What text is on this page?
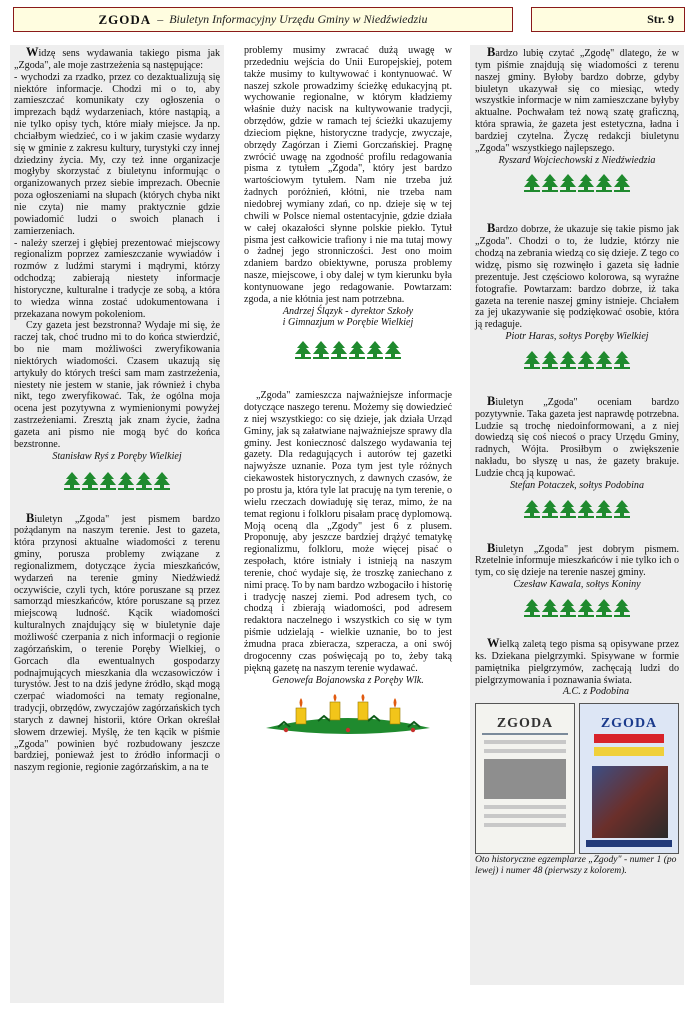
ZGODA – Biuletyn Informacyjny Urzędu Gminy w Niedźwiedziu	Str. 9

Widzę sens wydawania takiego pisma jak „Zgoda", ale moje zastrzeżenia są następujące:

- wychodzi za rzadko, przez co dezaktualizują się niektóre informacje. Chodzi mi o to, aby zamieszczać komunikaty czy ogłoszenia o imprezach bądź wydarzeniach, które nastąpią, a nie tylko opisy tych, które miały miejsce. Ja np. chciałbym wiedzieć, co i w jakim czasie wydarzy się w gminie z zakresu kultury, turystyki czy innej dziedziny życia. My, czy też inne organizacje mogłyby skorzystać z biuletynu informując o organizowanych przez siebie imprezach. Obecnie poza ogłoszeniami na słupach (których chyba nikt nie czyta) nie mamy praktycznie gdzie powiadomić ludzi o swoich planach i zamierzeniach.

- należy szerzej i głębiej prezentować miejscowy regionalizm poprzez zamieszczanie wywiadów i rozmów z ludźmi starymi i mądrymi, którzy odchodzą; zabierają niestety informacje historyczne, kulturalne i tradycje ze sobą, a która to wiedza winna zostać udokumentowana i przekazana nowym pokoleniom.

Czy gazeta jest bezstronna? Wydaje mi się, że raczej tak, choć trudno mi to do końca stwierdzić, bo nie mam możliwości zweryfikowania niektórych wiadomości. Czasem ukazują się artykuły do których treści sam mam zastrzeżenia, niestety nie jestem w stanie, jak również i chyba nikt, tego zweryfikować. Tak, że ogólna moja ocena jest pozytywna z wymienionymi powyżej zastrzeżeniami. Zresztą jak znam życie, żadna gazeta ani pismo nie mogą być do końca bezstronne.

Stanisław Ryś z Poręby Wielkiej

Biuletyn „Zgoda" jest pismem bardzo pożądanym na naszym terenie. Jest to gazeta, która przynosi aktualne wiadomości z terenu gminy, porusza problemy związane z regionalizmem, dotyczące życia mieszkańców, wydarzeń na terenie gminy Niedźwiedź oczywiście, czyli tych, które poruszane są przez samorząd mieszkańców, które poruszane są przez miejscową ludność. Kącik wiadomości kulturalnych znajdujący się w biuletynie daje możliwość czerpania z nich informacji o regionie zagórzańskim, o terenie Poręby Wielkiej, o Gorcach dla ewentualnych gospodarzy podnajmujących mieszkania dla wczasowiczów i turystów. Jest to na dziś jedyne źródło, skąd mogą czerpać wiadomości na tematy regionalne, tradycji, obrzędów, zwyczajów zagórzańskich tych starych z dawnej historii, które Orkan określał słowem drzewiej. Myślę, że ten kącik w piśmie „Zgoda" powinien być rozbudowany jeszcze bardziej, ponieważ jest to źródło informacji o naszym regionie, regionie zagórzańskim, a na te

problemy musimy zwracać dużą uwagę w przededniu wejścia do Unii Europejskiej, potem także musimy to kultywować i kontynuować. W naszej szkole prowadzimy ścieżkę edukacyjną pt. wychowanie regionalne, w którym kładziemy właśnie duży nacisk na kultywowanie tradycji, obrzędów, gdzie w ramach tej ścieżki ukazujemy dzieciom piękne, historyczne tradycje, zwyczaje, obrzędy Zagórzan i Ziemi Gorczańskiej. Pragnę zwrócić uwagę na zgodność profilu redagowania pisma z tytułem „Zgoda", który jest bardzo wartościowym tytułem. Nam nie trzeba już żadnych poróżnień, kłótni, nie trzeba nam niedobrej wymiany zdań, co np. dzieje się w tej chwili w Polsce niemal ostentacyjnie, gdzie działa w całej okazałości słynne polskie piekło. Tytuł pisma jest całkowicie trafiony i nie ma tutaj mowy o żadnej jego stronniczości. Jest ono moim zdaniem bardzo obiektywne, porusza problemy nasze, miejscowe, i oby dalej w tym kierunku była kontynuowane jego redagowanie. Powtarzam: zgoda, a nie kłótnia jest nam potrzebna.

Andrzej Ślązyk - dyrektor Szkoły

i Gimnazjum w Porębie Wielkiej

„Zgoda" zamieszcza najważniejsze informacje dotyczące naszego terenu. Możemy się dowiedzieć z niej wszystkiego: co się dzieje, jak działa Urząd Gminy, jak są załatwiane najważniejsze sprawy dla gminy. Jest koniecznosć dalszego wydawania tej gazety. Dla redagujących i autorów tej gazetki najwyższe uznanie. Poza tym jest tyle różnych ciekawostek historycznych, z dawnych czasów, że po prostu ja, która tyle lat pracuję na tym terenie, o wielu rzeczach dowiaduję się teraz, mimo, że na temat regionu i folkloru pisałam pracę dyplomową. Moją oceną dla „Zgody" jest 6 z plusem. Proponuję, aby jeszcze bardziej drążyć tematykę regionalizmu, folkloru, może więcej pisać o zespołach, które istniały i istnieją na naszym terenie, choć wydaje się, że troszkę zaniechano z nimi pracę. To by nam bardzo wzbogaciło i historię i tradycję naszej ziemi. Pod adresem tych, co chodzą i zbierają wiadomości, pod adresem redaktora naczelnego i wszystkich co się w tym piśmie udzielają - wielkie uznanie, bo to jest żmudna praca zbieracza, szperacza, a oni swój drogocenny czas poświęcają po to, żeby taką piękną gazetę na naszym terenie wydawać.

Genowefa Bojanowska z Poręby Wlk.

Bardzo lubię czytać „Zgodę" dlatego, że w tym piśmie znajdują się wiadomości z terenu naszej gminy. Byłoby bardzo dobrze, gdyby biuletyn ukazywał się co miesiąc, wtedy wszystkie informacje w nim zamieszczane byłyby aktualne. Pochwałam też nową szatę graficzną, która sprawia, że gazeta jest estetyczna, ładna i bardziej czytelna. Życzę redakcji biuletynu „Zgoda" wszystkiego najlepszego.

Ryszard Wojciechowski z Niedźwiedzia

Bardzo dobrze, że ukazuje się takie pismo jak „Zgoda". Chodzi o to, że ludzie, którzy nie chodzą na zebrania wiedzą co się dzieje. Z tego co widzę, pismo się rozwinęło i gazeta się ładnie prezentuje. Jest częściowo kolorowa, są wyraźne fotografie. Powtarzam: bardzo dobrze, iż taka gazeta na terenie naszej gminy istnieje. Chciałem za jej ukazywanie się podziękować osobie, która ją redaguje.

Piotr Haras, sołtys Poręby Wielkiej

Biuletyn „Zgoda" oceniam bardzo pozytywnie. Taka gazeta jest naprawdę potrzebna. Ludzie są trochę niedoinformowani, a z niej dowiedzą się coś niecoś o pracy Urzędu Gminy, radnych, Wójta. Prosiłbym o zwiększenie nakładu, bo słyszę u nas, że gazety brakuje. Ludzie chcą ją kupować.

Stefan Potaczek, sołtys Podobina

Biuletyn „Zgoda" jest dobrym pismem. Rzetelnie informuje mieszkańców i nie tylko ich o tym, co się dzieje na terenie naszej gminy.

Czesław Kawala, sołtys Koniny

Wielką zaletą tego pisma są opisywane przez ks. Dziekana pielgrzymki. Spisywane w formie pamiętnika pielgrzymów, zachęcają ludzi do pielgrzymowania i poznawania świata.

A.C. z Podobina

ZGODA	ZGODA

Oto historyczne egzemplarze „Zgody" - numer 1 (po lewej) i numer 48 (pierwszy z kolorem).
